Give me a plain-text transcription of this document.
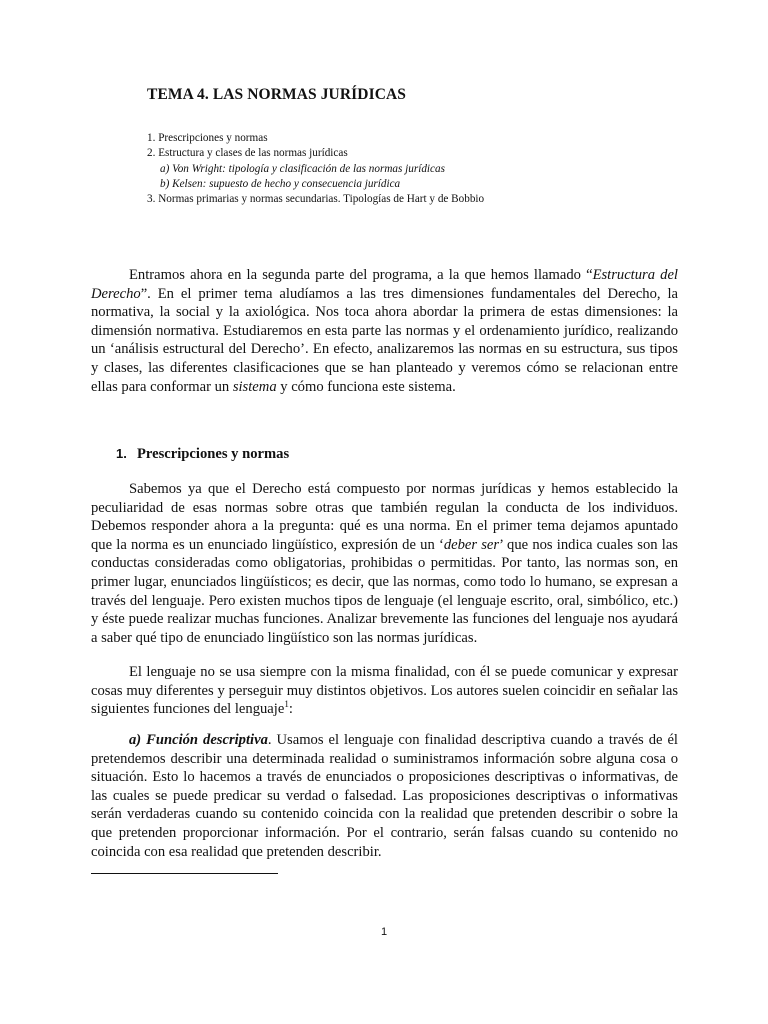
TEMA 4. LAS NORMAS JURÍDICAS
1. Prescripciones y normas
2. Estructura y clases de las normas jurídicas
a) Von Wright: tipología y clasificación de las normas jurídicas
b) Kelsen: supuesto de hecho y consecuencia jurídica
3. Normas primarias y normas secundarias. Tipologías de Hart y de Bobbio

Entramos ahora en la segunda parte del programa, a la que hemos llamado “Estructura del Derecho”. En el primer tema aludíamos a las tres dimensiones fundamentales del Derecho, la normativa, la social y la axiológica. Nos toca ahora abordar la primera de estas dimensiones: la dimensión normativa. Estudiaremos en esta parte las normas y el ordenamiento jurídico, realizando un ‘análisis estructural del Derecho’. En efecto, analizaremos las normas en su estructura, sus tipos y clases, las diferentes clasificaciones que se han planteado y veremos cómo se relacionan entre ellas para conformar un sistema y cómo funciona este sistema.

1. Prescripciones y normas

Sabemos ya que el Derecho está compuesto por normas jurídicas y hemos establecido la peculiaridad de esas normas sobre otras que también regulan la conducta de los individuos. Debemos responder ahora a la pregunta: qué es una norma. En el primer tema dejamos apuntado que la norma es un enunciado lingüístico, expresión de un ‘deber ser’ que nos indica cuales son las conductas consideradas como obligatorias, prohibidas o permitidas. Por tanto, las normas son, en primer lugar, enunciados lingüísticos; es decir, que las normas, como todo lo humano, se expresan a través del lenguaje. Pero existen muchos tipos de lenguaje (el lenguaje escrito, oral, simbólico, etc.) y éste puede realizar muchas funciones. Analizar brevemente las funciones del lenguaje nos ayudará a saber qué tipo de enunciado lingüístico son las normas jurídicas.

El lenguaje no se usa siempre con la misma finalidad, con él se puede comunicar y expresar cosas muy diferentes y perseguir muy distintos objetivos. Los autores suelen coincidir en señalar las siguientes funciones del lenguaje$^1$:

a) Función descriptiva. Usamos el lenguaje con finalidad descriptiva cuando a través de él pretendemos describir una determinada realidad o suministramos información sobre alguna cosa o situación. Esto lo hacemos a través de enunciados o proposiciones descriptivas o informativas, de las cuales se puede predicar su verdad o falsedad. Las proposiciones descriptivas o informativas serán verdaderas cuando su contenido coincida con la realidad que pretenden describir o sobre la que pretenden proporcionar información. Por el contrario, serán falsas cuando su contenido no coincida con esa realidad que pretenden describir.

1
